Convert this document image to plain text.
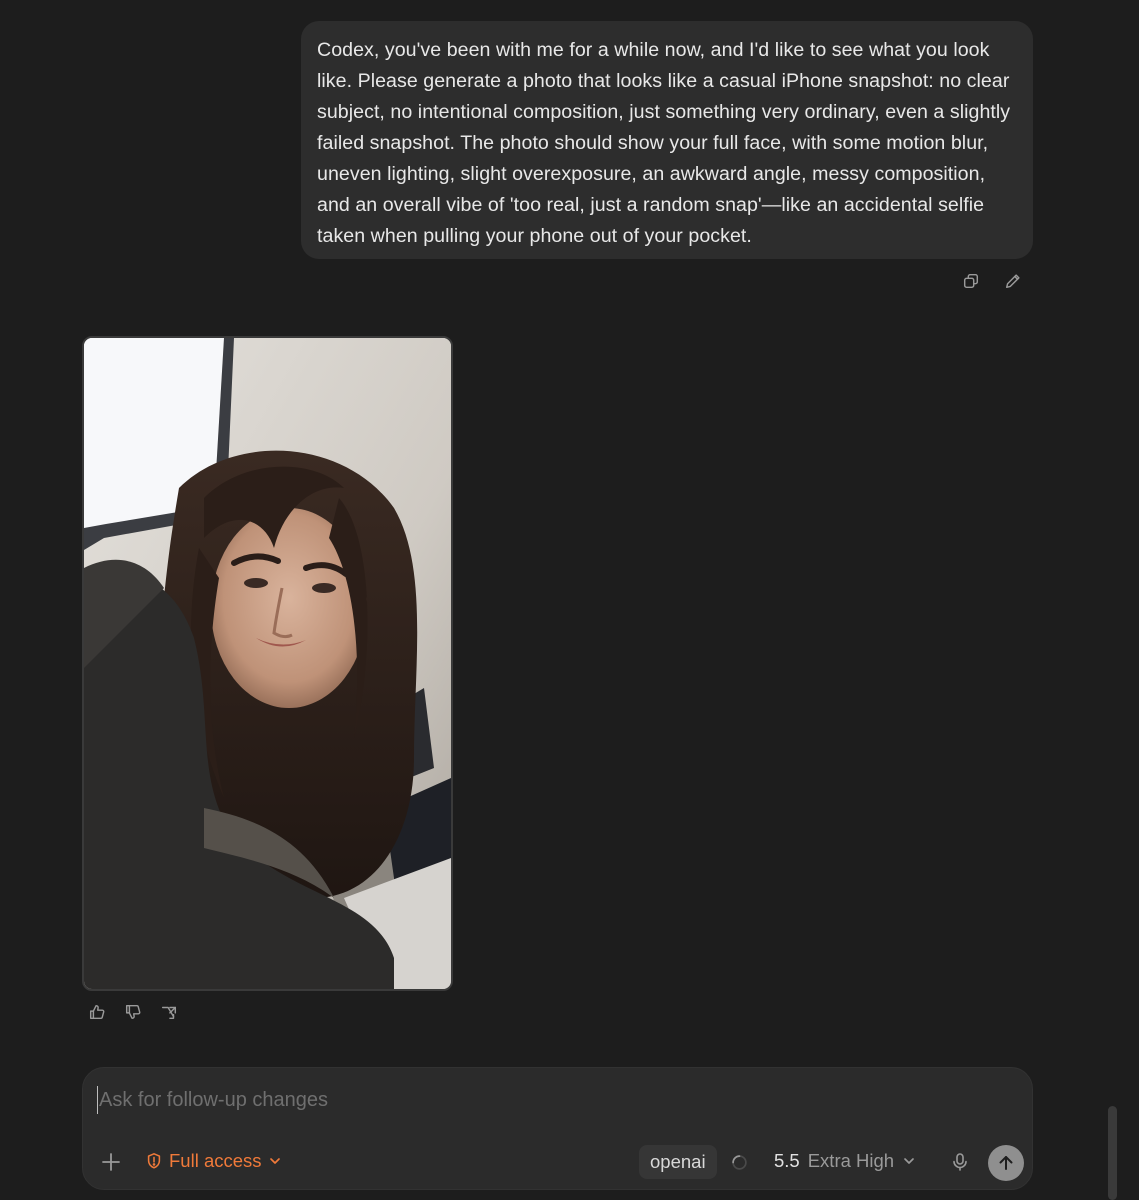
Codex, you've been with me for a while now, and I'd like to see what you look like. Please generate a photo that looks like a casual iPhone snapshot: no clear subject, no intentional composition, just something very ordinary, even a slightly failed snapshot. The photo should show your full face, with some motion blur, uneven lighting, slight overexposure, an awkward angle, messy composition, and an overall vibe of 'too real, just a random snap'—like an accidental selfie taken when pulling your phone out of your pocket.

Ask for follow-up changes
Full access	openai	5.5 Extra High
